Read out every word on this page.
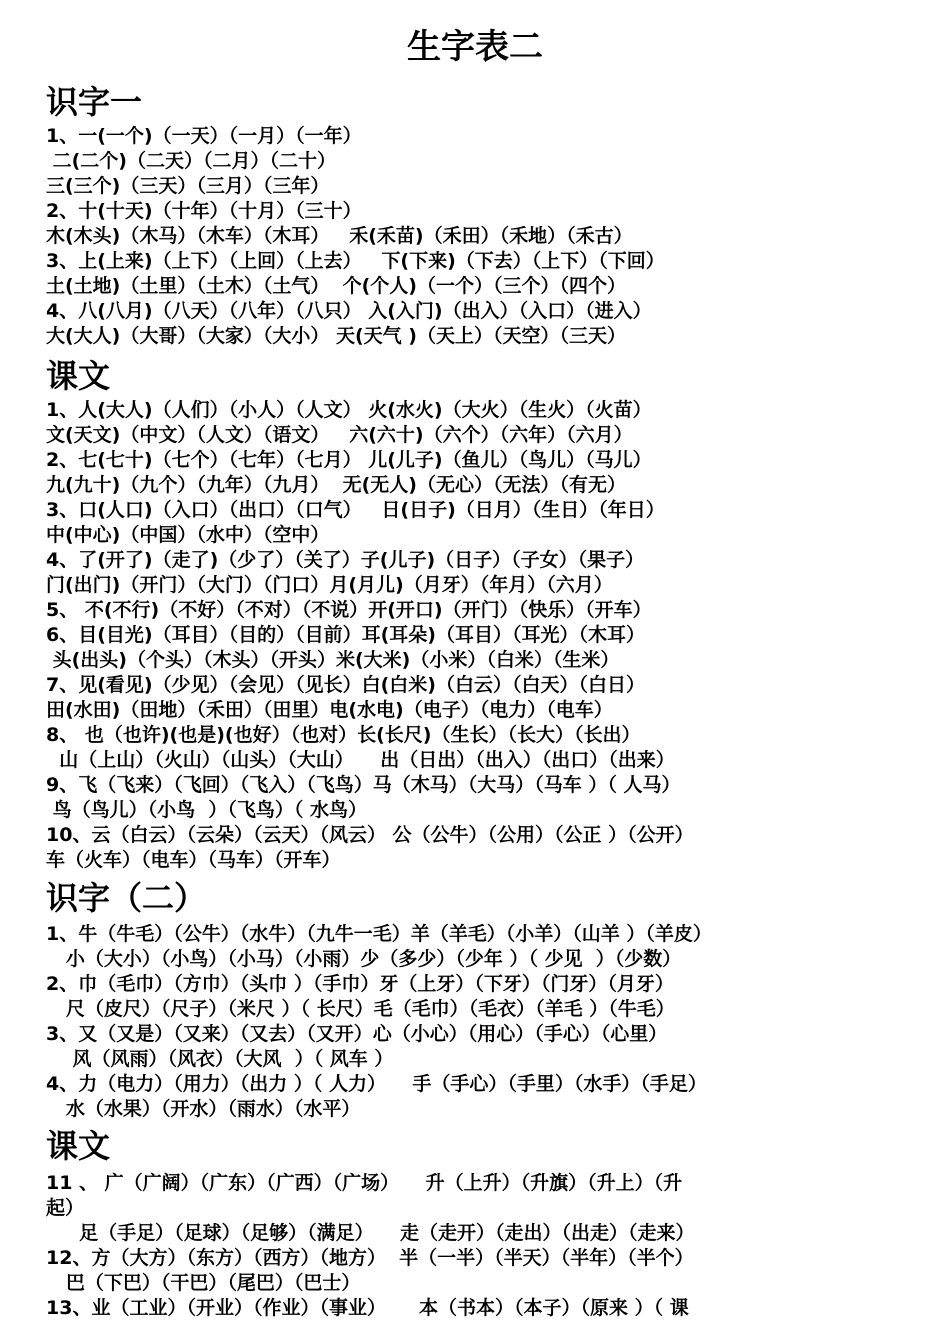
生字表二
识字一
1、一(一个)（一天）（一月）（一年）
二(二个)（二天）（二月）（二十）
三(三个)（三天）（三月）（三年）
2、十(十天)（十年）（十月）（三十）
木(木头)（木马）（木车）（木耳）   禾(禾苗)（禾田）（禾地）（禾古）
3、上(上来)（上下）（上回）（上去）   下(下来)（下去）（上下）（下回）
土(土地)（土里）（土木）（土气）  个(个人)（一个）（三个）（四个）
4、八(八月)（八天）（八年）（八只） 入(入门)（出入）（入口）（进入）
大(大人)（大哥）（大家）（大小） 天(天气 )（天上）（天空）（三天）
课文
1、人(大人)（人们）（小人）（人文） 火(水火)（大火）（生火）（火苗）
文(天文)（中文）（人文）（语文）   六(六十)（六个）（六年）（六月）
2、七(七十)（七个）（七年）（七月） 儿(儿子)（鱼儿）（鸟儿）（马儿）
九(九十)（九个）（九年）（九月）  无(无人)（无心）（无法）（有无）
3、口(人口)（入口）（出口）（口气）   日(日子)（日月）（生日）（年日）
中(中心)（中国）（水中）（空中）
4、了(开了)（走了)（少了）（关了）子(儿子)（日子）（子女）（果子）
门(出门)（开门）（大门）（门口）月(月儿)（月牙）（年月）（六月）
5、 不(不行)（不好）（不对）（不说）开(开口)（开门）（快乐）（开车）
6、目(目光)（耳目）（目的）（目前）耳(耳朵)（耳目）（耳光）（木耳）
头(出头)（个头）（木头）（开头）米(大米)（小米）（白米）（生米）
7、见(看见)（少见）（会见）（见长）白(白米)（白云）（白天）（白日）
田(水田)（田地）（禾田）（田里）电(水电)（电子）（电力）（电车）
8、 也（也许)(也是)(也好）（也对）长(长尺)（生长）（长大）（长出）
山（上山）（火山）（山头）（大山）    出（日出）（出入）（出口）（出来）
9、飞（飞来）（飞回）（飞入）（飞鸟）马（木马）（大马）（马车 ）（ 人马）
鸟（鸟儿）（小鸟  ）（飞鸟）（ 水鸟）
10、云（白云）（云朵）（云天）（风云） 公（公牛）（公用）（公正 ）（公开）
车（火车）（电车）（马车）（开车）
识字（二）
1、牛（牛毛）（公牛）（水牛）（九牛一毛）羊（羊毛）（小羊）（山羊 ）（羊皮）
小（大小）（小鸟）（小马）（小雨）少（多少）（少年 ）（ 少见  ）（少数）
2、巾（毛巾）（方巾）（头巾 ）（手巾）牙（上牙）（下牙）（门牙）（月牙）
尺（皮尺）（尺子）（米尺 ）（ 长尺）毛（毛巾）（毛衣）（羊毛 ）（牛毛）
3、又（又是）（又来）（又去）（又开）心（小心）（用心）（手心）（心里）
风（风雨）（风衣）（大风  ）（ 风车 ）
4、力（电力）（用力）（出力 ）（ 人力）    手（手心）（手里）（水手）（手足）
水（水果）（开水）（雨水）（水平）
课文
11 、 广（广阔）（广东）（广西）（广场）    升（上升）（升旗）（升上）（升
起）
足（手足）（足球）（足够）（满足）    走（走开）（走出）（出走）（走来）
12、方（大方）（东方）（西方）（地方）  半（一半）（半天）（半年）（半个）
巴（下巴）（干巴）（尾巴）（巴士）
13、业（工业）（开业）（作业）（事业）     本（书本）（本子）（原来 ）（ 课
